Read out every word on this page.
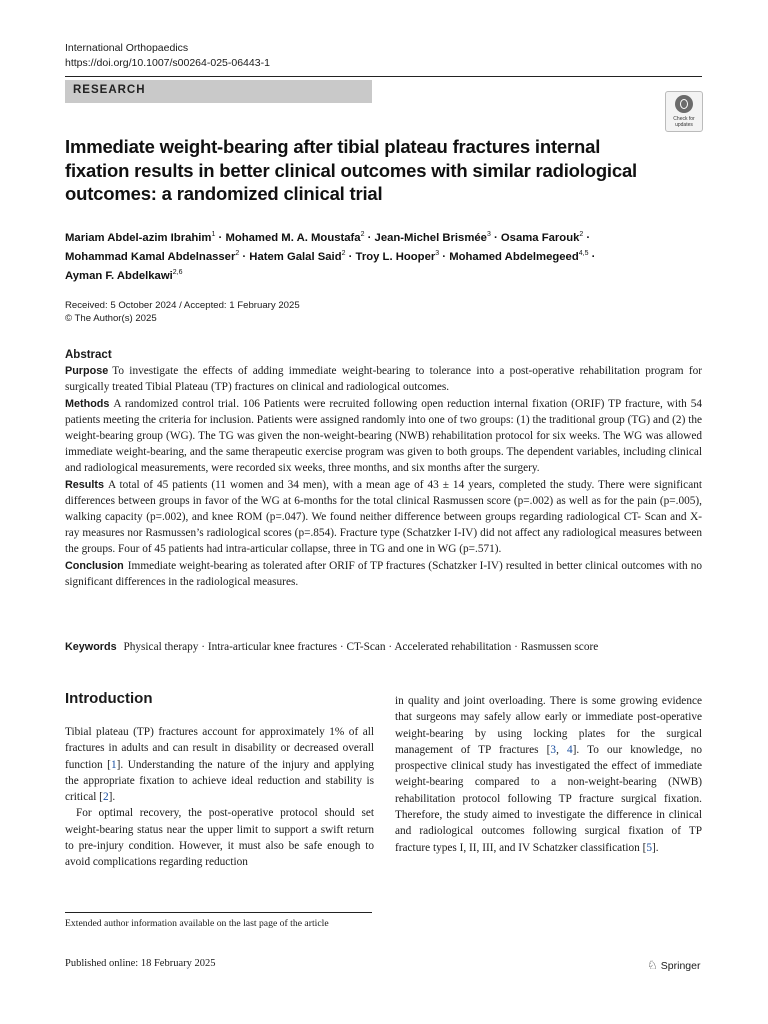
International Orthopaedics
https://doi.org/10.1007/s00264-025-06443-1
RESEARCH
Check for
updates
Immediate weight-bearing after tibial plateau fractures internal fixation results in better clinical outcomes with similar radiological outcomes: a randomized clinical trial
Mariam Abdel-azim Ibrahim$^1$ · Mohamed M. A. Moustafa$^2$ · Jean-Michel Brismée$^3$ · Osama Farouk$^2$ ·
Mohammad Kamal Abdelnasser$^2$ · Hatem Galal Said$^2$ · Troy L. Hooper$^3$ · Mohamed Abdelmegeed$^{4,5}$ ·
Ayman F. Abdelkawi$^{2,6}$
Received: 5 October 2024 / Accepted: 1 February 2025
© The Author(s) 2025
Abstract

Purpose To investigate the effects of adding immediate weight-bearing to tolerance into a post-operative rehabilitation program for surgically treated Tibial Plateau (TP) fractures on clinical and radiological outcomes.

Methods A randomized control trial. 106 Patients were recruited following open reduction internal fixation (ORIF) TP fracture, with 54 patients meeting the criteria for inclusion. Patients were assigned randomly into one of two groups: (1) the traditional group (TG) and (2) the weight-bearing group (WG). The TG was given the non-weight-bearing (NWB) rehabilitation protocol for six weeks. The WG was allowed immediate weight-bearing, and the same therapeutic exercise program was given to both groups. The dependent variables, including clinical and radiological measurements, were recorded six weeks, three months, and six months after the surgery.

Results A total of 45 patients (11 women and 34 men), with a mean age of 43 ± 14 years, completed the study. There were significant differences between groups in favor of the WG at 6-months for the total clinical Rasmussen score (p=.002) as well as for the pain (p=.005), walking capacity (p=.002), and knee ROM (p=.047). We found neither difference between groups regarding radiological CT- Scan and X-ray measures nor Rasmussen’s radiological scores (p=.854). Fracture type (Schatzker I-IV) did not affect any radiological measures between the groups. Four of 45 patients had intra-articular collapse, three in TG and one in WG (p=.571).

Conclusion Immediate weight-bearing as tolerated after ORIF of TP fractures (Schatzker I-IV) resulted in better clinical outcomes with no significant differences in the radiological measures.

Keywords Physical therapy · Intra-articular knee fractures · CT-Scan · Accelerated rehabilitation · Rasmussen score
Introduction

Tibial plateau (TP) fractures account for approximately 1% of all fractures in adults and can result in disability or decreased overall function [1]. Understanding the nature of the injury and applying the appropriate fixation to achieve ideal reduction and stability is critical [2].

For optimal recovery, the post-operative protocol should set weight-bearing status near the upper limit to support a swift return to pre-injury condition. However, it must also be safe enough to avoid complications regarding reduction

in quality and joint overloading. There is some growing evidence that surgeons may safely allow early or immediate post-operative weight-bearing by using locking plates for the surgical management of TP fractures [3, 4]. To our knowledge, no prospective clinical study has investigated the effect of immediate weight-bearing compared to a non-weight-bearing (NWB) rehabilitation protocol following TP fracture surgical fixation. Therefore, the study aimed to investigate the difference in clinical and radiological outcomes following surgical fixation of TP fracture types I, II, III, and IV Schatzker classification [5].

Extended author information available on the last page of the article
Published online: 18 February 2025	♘ Springer
